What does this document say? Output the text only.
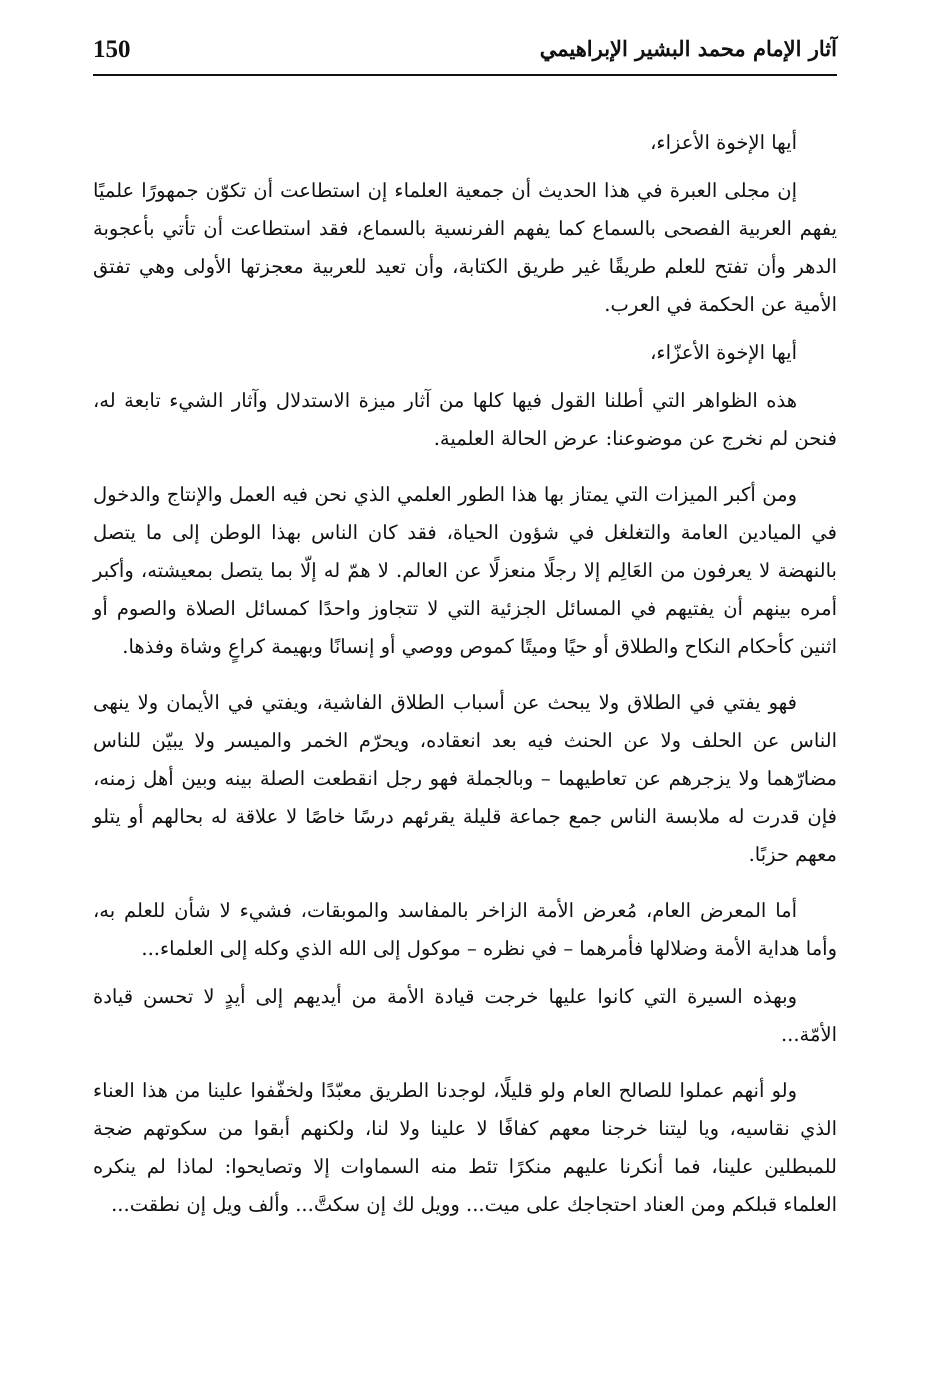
150	آثار الإمام محمد البشير الإبراهيمي

أيها الإخوة الأعزاء،

إن مجلى العبرة في هذا الحديث أن جمعية العلماء إن استطاعت أن تكوّن جمهورًا علميًا يفهم العربية الفصحى بالسماع كما يفهم الفرنسية بالسماع، فقد استطاعت أن تأتي بأعجوبة الدهر وأن تفتح للعلم طريقًا غير طريق الكتابة، وأن تعيد للعربية معجزتها الأولى وهي تفتق الأمية عن الحكمة في العرب.

أيها الإخوة الأعزّاء،

هذه الظواهر التي أطلنا القول فيها كلها من آثار ميزة الاستدلال وآثار الشيء تابعة له، فنحن لم نخرج عن موضوعنا: عرض الحالة العلمية.

ومن أكبر الميزات التي يمتاز بها هذا الطور العلمي الذي نحن فيه العمل والإنتاج والدخول في الميادين العامة والتغلغل في شؤون الحياة، فقد كان الناس بهذا الوطن إلى ما يتصل بالنهضة لا يعرفون من العَالِم إلا رجلًا منعزلًا عن العالم. لا همّ له إلّا بما يتصل بمعيشته، وأكبر أمره بينهم أن يفتيهم في المسائل الجزئية التي لا تتجاوز واحدًا كمسائل الصلاة والصوم أو اثنين كأحكام النكاح والطلاق أو حيًا وميتًا كموص ووصي أو إنسانًا وبهيمة كراعٍ وشاة وفذها.

فهو يفتي في الطلاق ولا يبحث عن أسباب الطلاق الفاشية، ويفتي في الأيمان ولا ينهى الناس عن الحلف ولا عن الحنث فيه بعد انعقاده، ويحرّم الخمر والميسر ولا يبيّن للناس مضارّهما ولا يزجرهم عن تعاطيهما – وبالجملة فهو رجل انقطعت الصلة بينه وبين أهل زمنه، فإن قدرت له ملابسة الناس جمع جماعة قليلة يقرئهم درسًا خاصًا لا علاقة له بحالهم أو يتلو معهم حزبًا.

أما المعرض العام، مُعرض الأمة الزاخر بالمفاسد والموبقات، فشيء لا شأن للعلم به، وأما هداية الأمة وضلالها فأمرهما – في نظره – موكول إلى الله الذي وكله إلى العلماء...

وبهذه السيرة التي كانوا عليها خرجت قيادة الأمة من أيديهم إلى أيدٍ لا تحسن قيادة الأمّة...

ولو أنهم عملوا للصالح العام ولو قليلًا، لوجدنا الطريق معبّدًا ولخفّفوا علينا من هذا العناء الذي نقاسيه، ويا ليتنا خرجنا معهم كفافًا لا علينا ولا لنا، ولكنهم أبقوا من سكوتهم ضجة للمبطلين علينا، فما أنكرنا عليهم منكرًا تئط منه السماوات إلا وتصايحوا: لماذا لم ينكره العلماء قبلكم ومن العناد احتجاجك على ميت... وويل لك إن سكتَّ... وألف ويل إن نطقت...
